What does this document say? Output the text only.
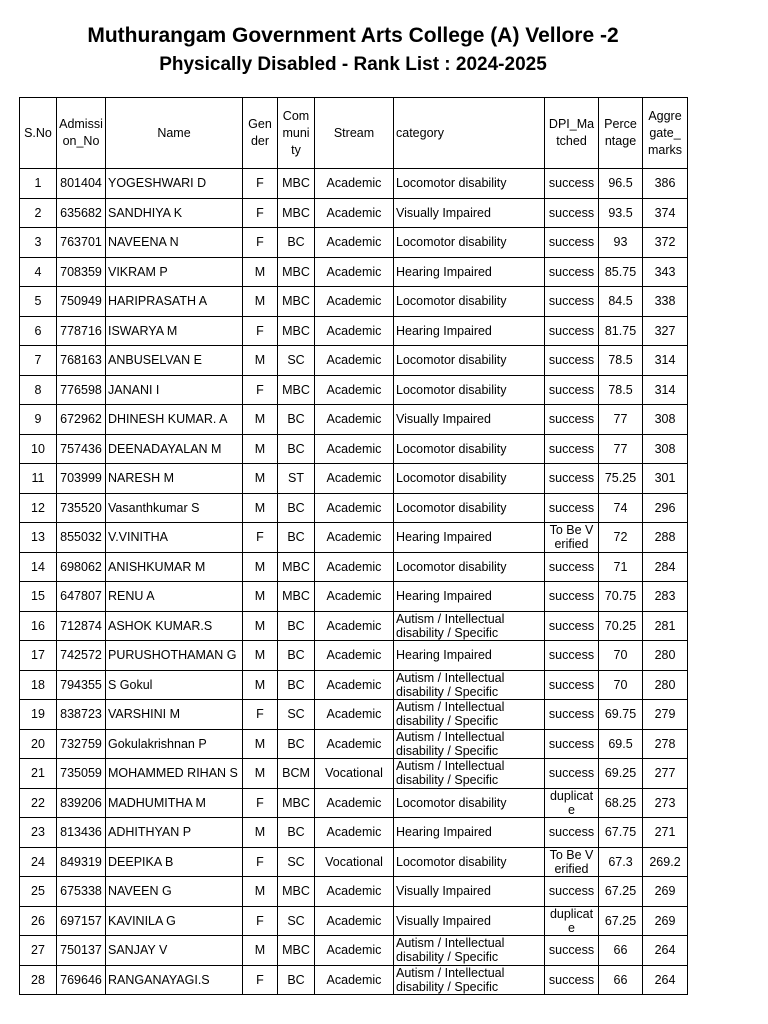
Muthurangam Government Arts College (A) Vellore -2
Physically Disabled - Rank List : 2024-2025
S.No	Admissi on_No	Name	Gen der	Com muni ty	Stream	category	DPI_Ma tched	Perce ntage	Aggre gate_ marks
1	801404	YOGESHWARI D	F	MBC	Academic	Locomotor disability	success	96.5	386
2	635682	SANDHIYA K	F	MBC	Academic	Visually Impaired	success	93.5	374
3	763701	NAVEENA N	F	BC	Academic	Locomotor disability	success	93	372
4	708359	VIKRAM P	M	MBC	Academic	Hearing Impaired	success	85.75	343
5	750949	HARIPRASATH A	M	MBC	Academic	Locomotor disability	success	84.5	338
6	778716	ISWARYA M	F	MBC	Academic	Hearing Impaired	success	81.75	327
7	768163	ANBUSELVAN E	M	SC	Academic	Locomotor disability	success	78.5	314
8	776598	JANANI I	F	MBC	Academic	Locomotor disability	success	78.5	314
9	672962	DHINESH KUMAR. A	M	BC	Academic	Visually Impaired	success	77	308
10	757436	DEENADAYALAN M	M	BC	Academic	Locomotor disability	success	77	308
11	703999	NARESH M	M	ST	Academic	Locomotor disability	success	75.25	301
12	735520	Vasanthkumar S	M	BC	Academic	Locomotor disability	success	74	296
13	855032	V.VINITHA	F	BC	Academic	Hearing Impaired	To Be Verified	72	288
14	698062	ANISHKUMAR M	M	MBC	Academic	Locomotor disability	success	71	284
15	647807	RENU A	M	MBC	Academic	Hearing Impaired	success	70.75	283
16	712874	ASHOK KUMAR.S	M	BC	Academic	Autism / Intellectual disability / Specific	success	70.25	281
17	742572	PURUSHOTHAMAN G	M	BC	Academic	Hearing Impaired	success	70	280
18	794355	S Gokul	M	BC	Academic	Autism / Intellectual disability / Specific	success	70	280
19	838723	VARSHINI M	F	SC	Academic	Autism / Intellectual disability / Specific	success	69.75	279
20	732759	Gokulakrishnan P	M	BC	Academic	Autism / Intellectual disability / Specific	success	69.5	278
21	735059	MOHAMMED RIHAN S	M	BCM	Vocational	Autism / Intellectual disability / Specific	success	69.25	277
22	839206	MADHUMITHA M	F	MBC	Academic	Locomotor disability	duplicate	68.25	273
23	813436	ADHITHYAN P	M	BC	Academic	Hearing Impaired	success	67.75	271
24	849319	DEEPIKA B	F	SC	Vocational	Locomotor disability	To Be Verified	67.3	269.2
25	675338	NAVEEN G	M	MBC	Academic	Visually Impaired	success	67.25	269
26	697157	KAVINILA G	F	SC	Academic	Visually Impaired	duplicate	67.25	269
27	750137	SANJAY V	M	MBC	Academic	Autism / Intellectual disability / Specific	success	66	264
28	769646	RANGANAYAGI.S	F	BC	Academic	Autism / Intellectual disability / Specific	success	66	264
